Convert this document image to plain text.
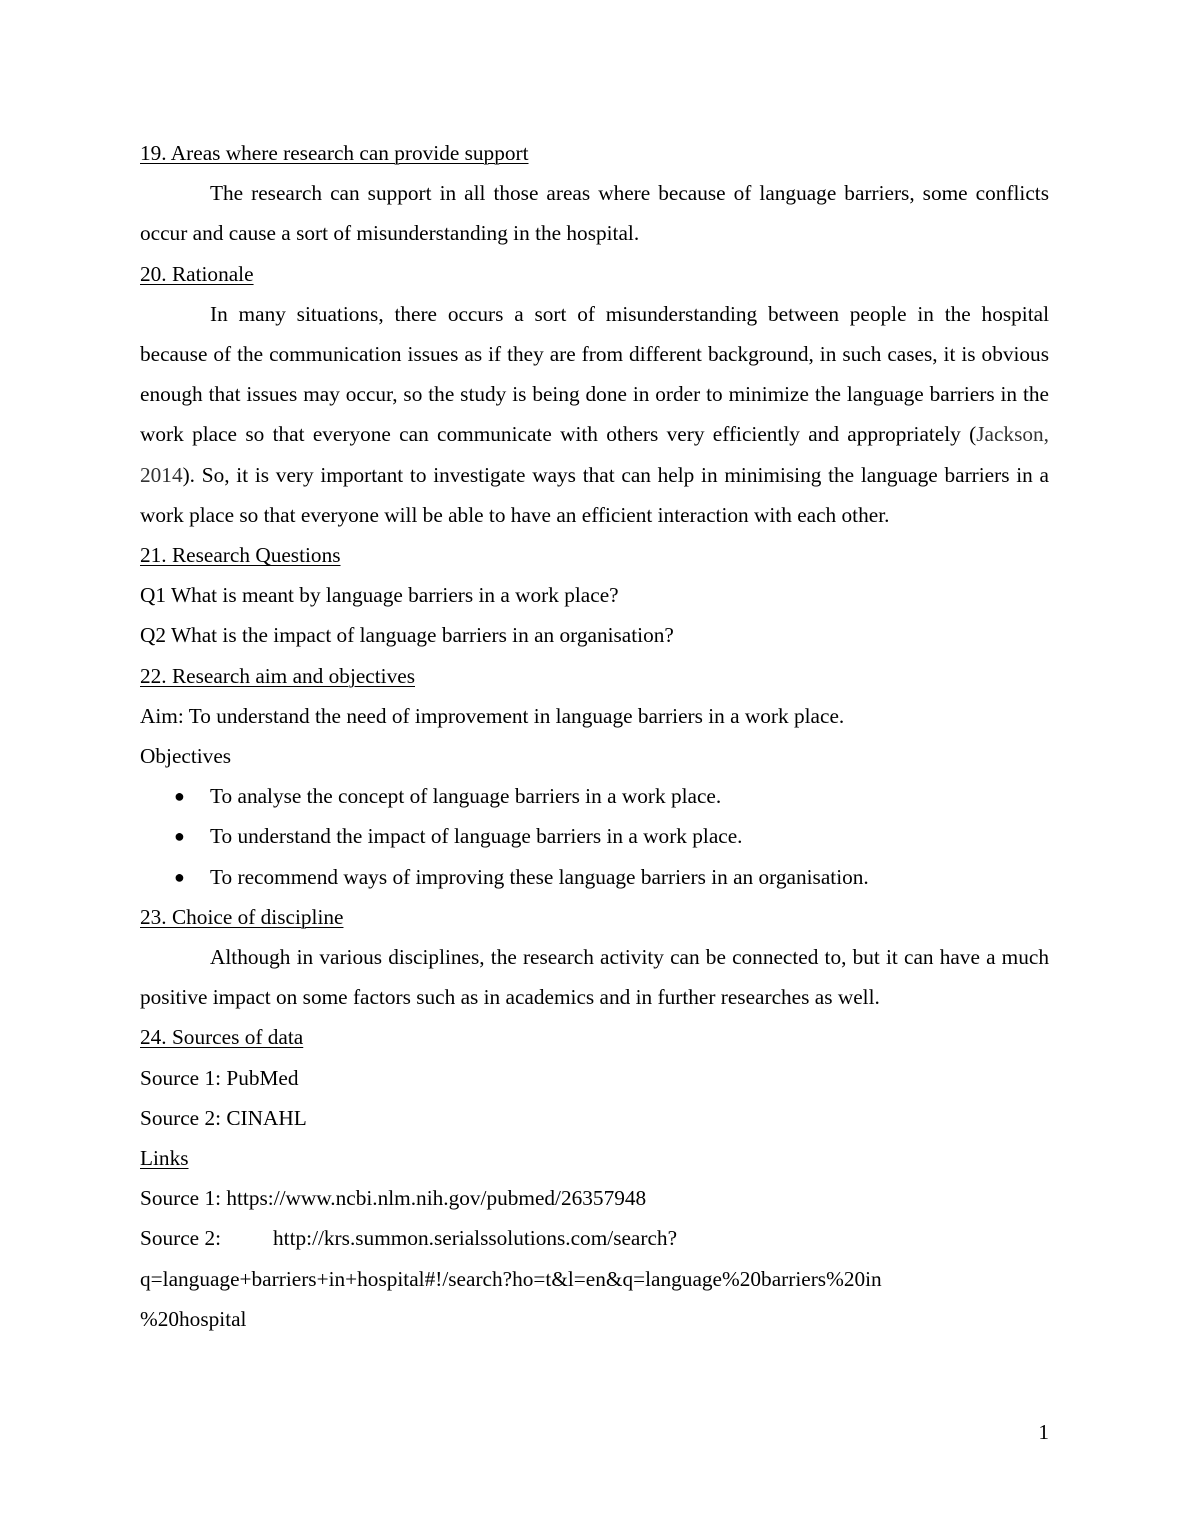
19. Areas where research can provide support

The research can support in all those areas where because of language barriers, some conflicts occur and cause a sort of misunderstanding in the hospital.

20. Rationale

In many situations, there occurs a sort of misunderstanding between people in the hospital because of the communication issues as if they are from different background, in such cases, it is obvious enough that issues may occur, so the study is being done in order to minimize the language barriers in the work place so that everyone can communicate with others very efficiently and appropriately (Jackson, 2014). So, it is very important to investigate ways that can help in minimising the language barriers in a work place so that everyone will be able to have an efficient interaction with each other.

21. Research Questions

Q1 What is meant by language barriers in a work place?

Q2 What is the impact of language barriers in an organisation?

22. Research aim and objectives

Aim: To understand the need of improvement in language barriers in a work place.

Objectives

● To analyse the concept of language barriers in a work place.
● To understand the impact of language barriers in a work place.
● To recommend ways of improving these language barriers in an organisation.

23. Choice of discipline

Although in various disciplines, the research activity can be connected to, but it can have a much positive impact on some factors such as in academics and in further researches as well.

24. Sources of data

Source 1: PubMed

Source 2: CINAHL

Links

Source 1: https://www.ncbi.nlm.nih.gov/pubmed/26357948

Source 2: http://krs.summon.serialssolutions.com/search?

q=language+barriers+in+hospital#!/search?ho=t&l=en&q=language%20barriers%20in

%20hospital

1
